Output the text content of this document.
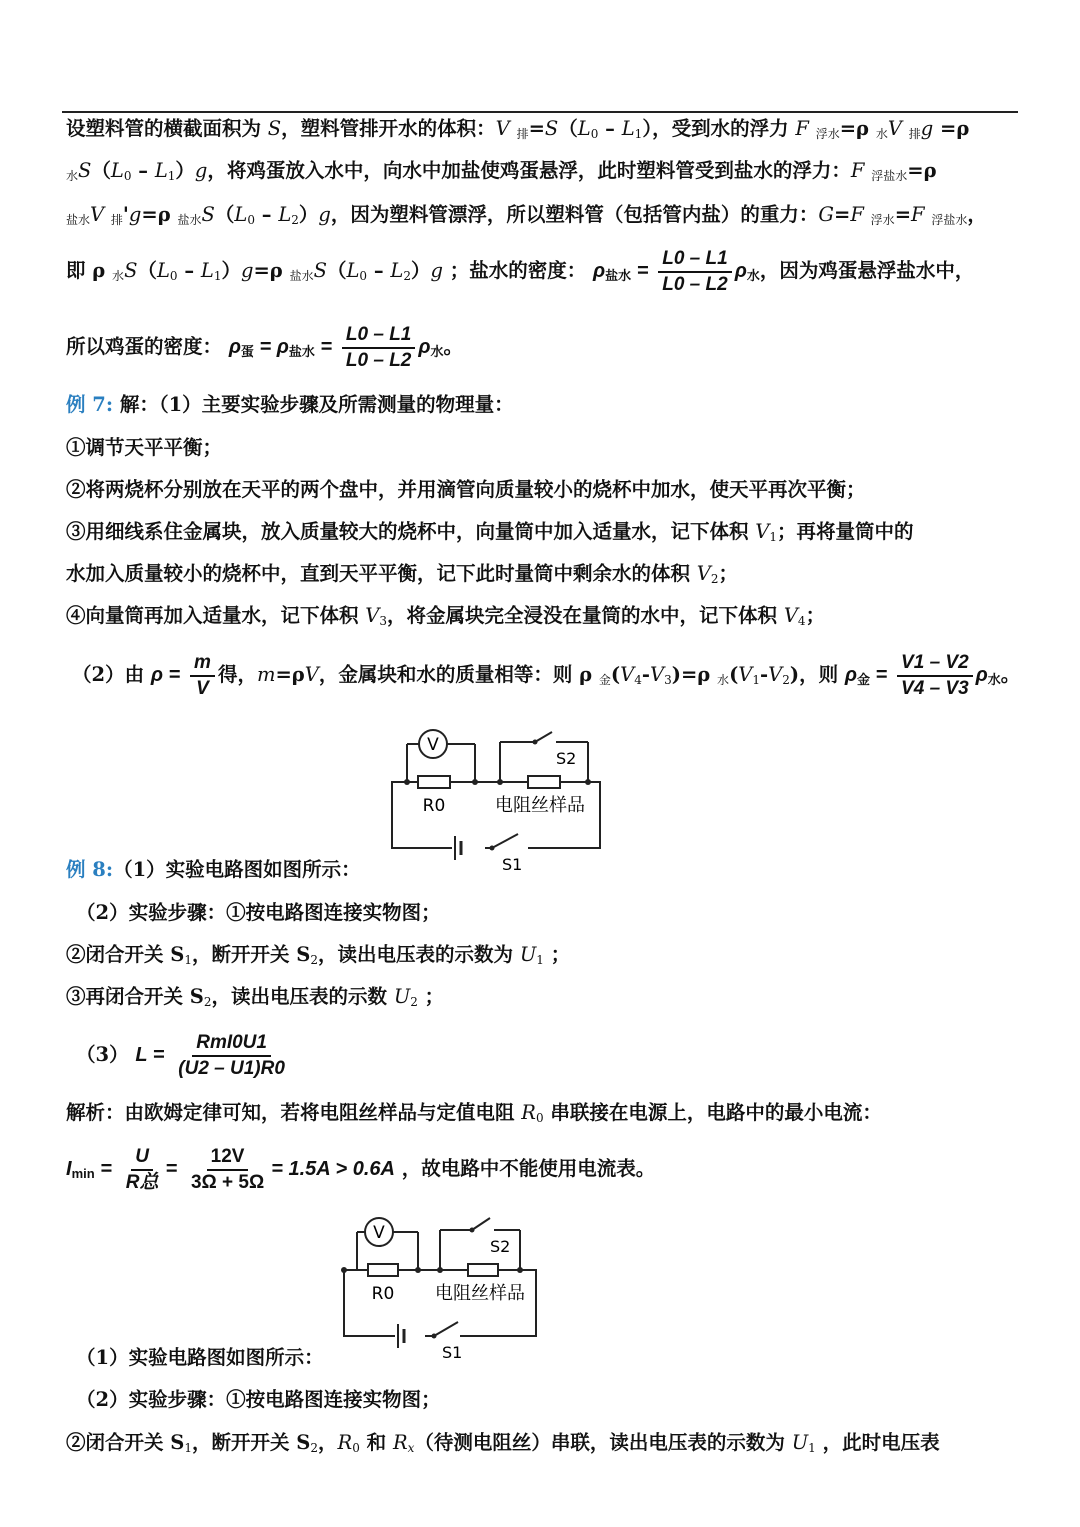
设塑料管的横截面积为 S，塑料管排开水的体积：V $_排=S(L_0 - L_1)$，受到水的浮力 F $_{浮水}$=ρ $_水$V $_排$g =ρ
$_水S(L_0 - L_1)g$，将鸡蛋放入水中，向水中加盐使鸡蛋悬浮，此时塑料管受到盐水的浮力：F $_{浮盐水}$=ρ
$_{盐水}$V $_排$'g=ρ $_{盐水}S(L_0 - L_2)g$，因为塑料管漂浮，所以塑料管（包括管内盐）的重力：G=F $_{浮水}$=F $_{浮盐水}$，
即 ρ $_水S(L_0 - L_1)g=\rho$ $_{盐水}S(L_0 - L_2)g$ ；盐水的密度： $\rho_{盐水} = \frac{L0 - L1}{L0 - L2} \rho_水$，因为鸡蛋悬浮盐水中，
所以鸡蛋的密度： $\rho_蛋 = \rho_{盐水} = \frac{L0 - L1}{L0 - L2} \rho_水$。
例 7: 解：（1）主要实验步骤及所需测量的物理量：
①调节天平平衡；
②将两烧杯分别放在天平的两个盘中，并用滴管向质量较小的烧杯中加水，使天平再次平衡；
③用细线系住金属块，放入质量较大的烧杯中，向量筒中加入适量水，记下体积 $V_1$；再将量筒中的
水加入质量较小的烧杯中，直到天平平衡，记下此时量筒中剩余水的体积 $V_2$；
④向量筒再加入适量水，记下体积 $V_3$，将金属块完全浸没在量筒的水中，记下体积 $V_4$；
（2）由 $\rho = \frac{m}{V}$ 得，m=ρV，金属块和水的质量相等：则 ρ $_金(V_4-V_3)=\rho$ $_水(V_1-V_2)$，则 $\rho_金 = \frac{V1 - V2}{V4 - V3} \rho_水$。
V
R0	电阻丝样品
S2
S1
例 8:（1）实验电路图如图所示：
（2）实验步骤：①按电路图连接实物图；
②闭合开关 $S_1$，断开开关 $S_2$，读出电压表的示数为 $U_1$ ；
③再闭合开关 $S_2$，读出电压表的示数 $U_2$ ；
（3） $L = \frac{\text{RmI0U1}}{(U2 - U1)R0}$
解析：由欧姆定律可知，若将电阻丝样品与定值电阻 $R_0$ 串联接在电源上，电路中的最小电流：
$I_{min} = \frac{U}{\text{R总}} = \frac{12V}{3\Omega + 5\Omega} = 1.5A > 0.6A$ ，故电路中不能使用电流表。
V
R0 电阻丝样品
S2
S1
（1）实验电路图如图所示：
（2）实验步骤：①按电路图连接实物图；
②闭合开关 $S_1$，断开开关 $S_2$，$R_0$ 和 $R_x$（待测电阻丝）串联，读出电压表的示数为 $U_1$ ，此时电压表
